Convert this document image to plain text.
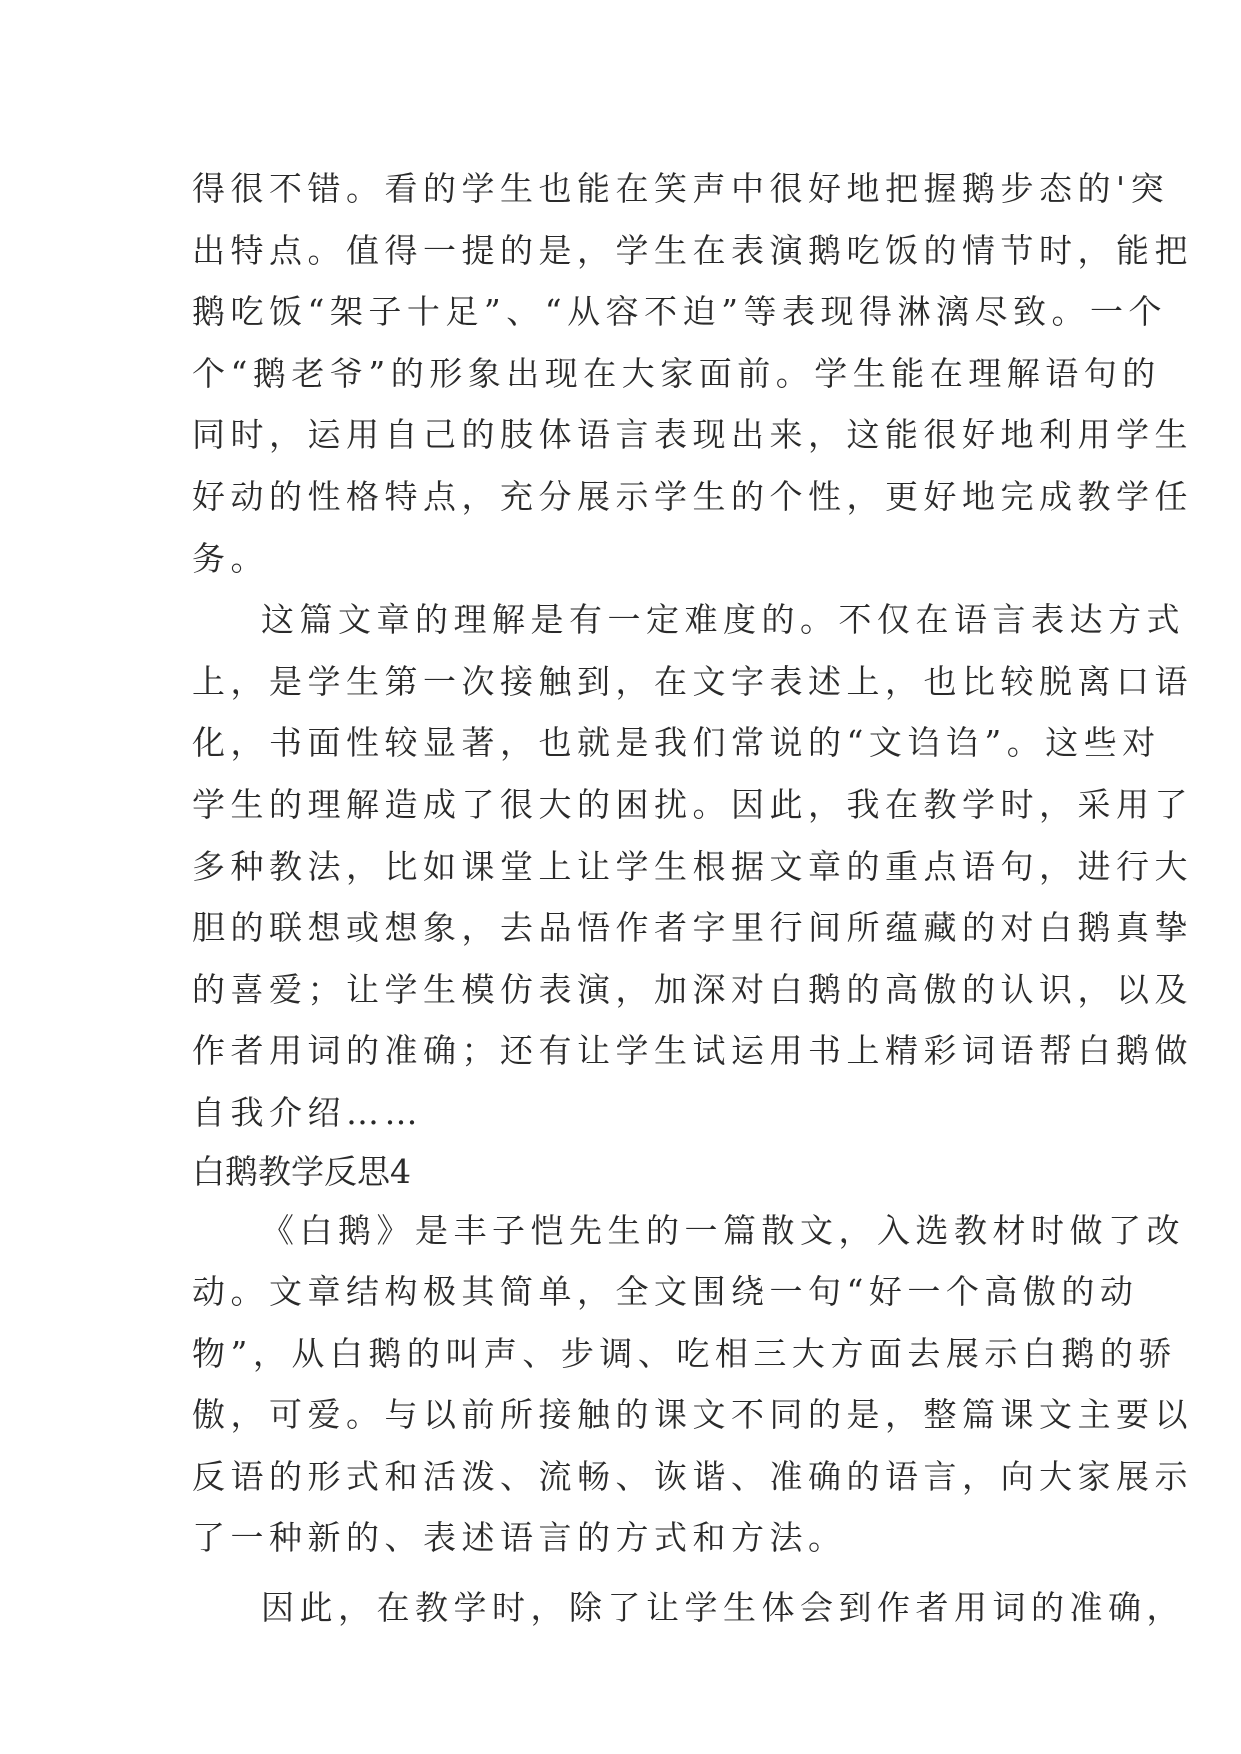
得很不错。看的学生也能在笑声中很好地把握鹅步态的'突
出特点。值得一提的是，学生在表演鹅吃饭的情节时，能把
鹅吃饭“架子十足”、“从容不迫”等表现得淋漓尽致。一个
个“鹅老爷”的形象出现在大家面前。学生能在理解语句的
同时，运用自己的肢体语言表现出来，这能很好地利用学生
好动的性格特点，充分展示学生的个性，更好地完成教学任
务。
这篇文章的理解是有一定难度的。不仅在语言表达方式
上，是学生第一次接触到，在文字表述上，也比较脱离口语
化，书面性较显著，也就是我们常说的“文诌诌”。这些对
学生的理解造成了很大的困扰。因此，我在教学时，采用了
多种教法，比如课堂上让学生根据文章的重点语句，进行大
胆的联想或想象，去品悟作者字里行间所蕴藏的对白鹅真挚
的喜爱；让学生模仿表演，加深对白鹅的高傲的认识，以及
作者用词的准确；还有让学生试运用书上精彩词语帮白鹅做
自我介绍……
白鹅教学反思4
《白鹅》是丰子恺先生的一篇散文，入选教材时做了改
动。文章结构极其简单，全文围绕一句“好一个高傲的动
物”，从白鹅的叫声、步调、吃相三大方面去展示白鹅的骄
傲，可爱。与以前所接触的课文不同的是，整篇课文主要以
反语的形式和活泼、流畅、诙谐、准确的语言，向大家展示
了一种新的、表述语言的方式和方法。
因此，在教学时，除了让学生体会到作者用词的准确，
